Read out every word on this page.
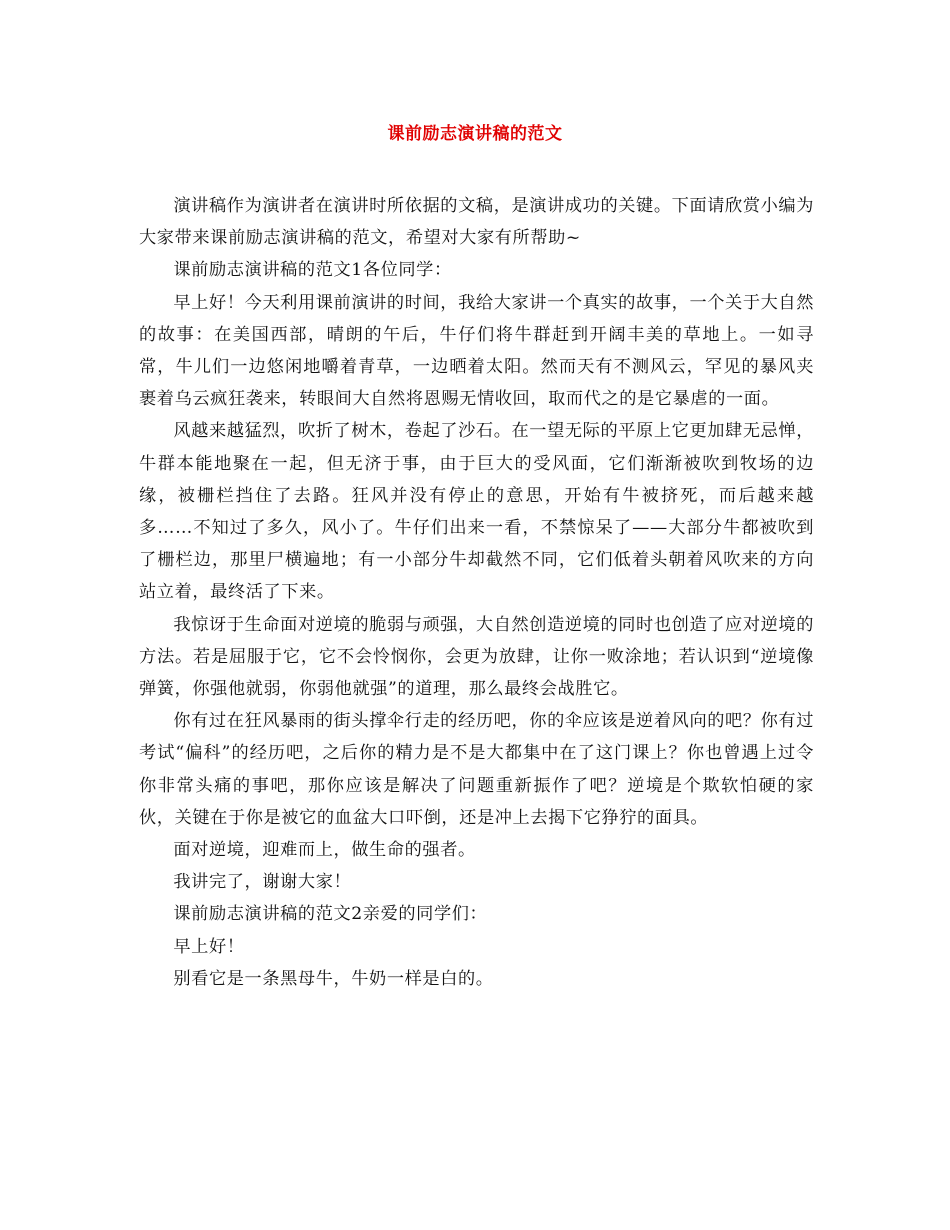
课前励志演讲稿的范文

演讲稿作为演讲者在演讲时所依据的文稿，是演讲成功的关键。下面请欣赏小编为大家带来课前励志演讲稿的范文，希望对大家有所帮助~

课前励志演讲稿的范文1各位同学：

早上好！今天利用课前演讲的时间，我给大家讲一个真实的故事，一个关于大自然的故事：在美国西部，晴朗的午后，牛仔们将牛群赶到开阔丰美的草地上。一如寻常，牛儿们一边悠闲地嚼着青草，一边晒着太阳。然而天有不测风云，罕见的暴风夹裹着乌云疯狂袭来，转眼间大自然将恩赐无情收回，取而代之的是它暴虐的一面。

风越来越猛烈，吹折了树木，卷起了沙石。在一望无际的平原上它更加肆无忌惮，牛群本能地聚在一起，但无济于事，由于巨大的受风面，它们渐渐被吹到牧场的边缘，被栅栏挡住了去路。狂风并没有停止的意思，开始有牛被挤死，而后越来越多……不知过了多久，风小了。牛仔们出来一看，不禁惊呆了——大部分牛都被吹到了栅栏边，那里尸横遍地；有一小部分牛却截然不同，它们低着头朝着风吹来的方向站立着，最终活了下来。

我惊讶于生命面对逆境的脆弱与顽强，大自然创造逆境的同时也创造了应对逆境的方法。若是屈服于它，它不会怜悯你，会更为放肆，让你一败涂地；若认识到“逆境像弹簧，你强他就弱，你弱他就强”的道理，那么最终会战胜它。

你有过在狂风暴雨的街头撑伞行走的经历吧，你的伞应该是逆着风向的吧？你有过考试“偏科”的经历吧，之后你的精力是不是大都集中在了这门课上？你也曾遇上过令你非常头痛的事吧，那你应该是解决了问题重新振作了吧？逆境是个欺软怕硬的家伙，关键在于你是被它的血盆大口吓倒，还是冲上去揭下它狰狞的面具。

面对逆境，迎难而上，做生命的强者。

我讲完了，谢谢大家！

课前励志演讲稿的范文2亲爱的同学们：

早上好！

别看它是一条黑母牛，牛奶一样是白的。
